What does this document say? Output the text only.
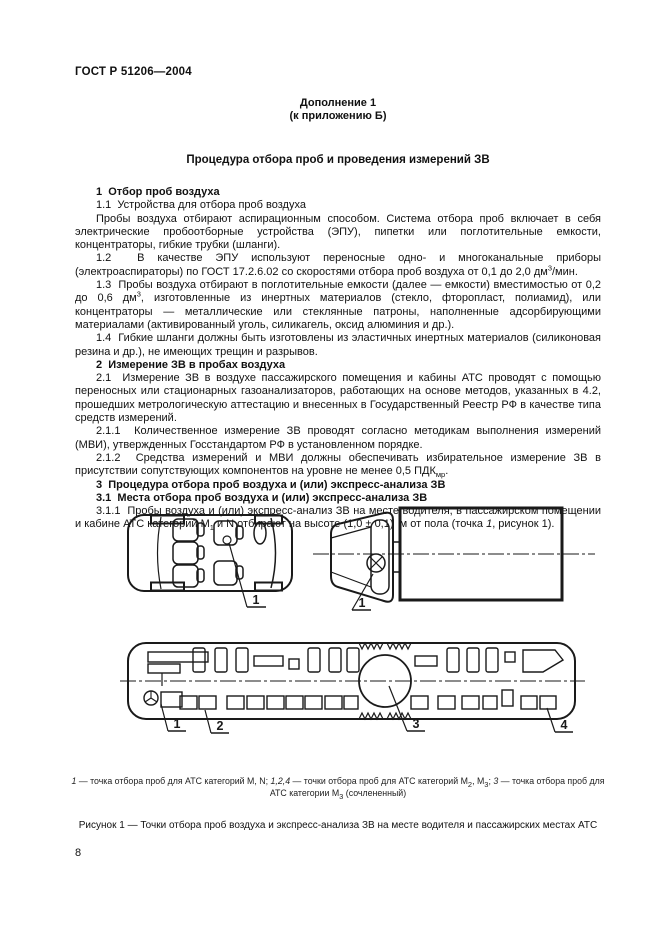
ГОСТ Р 51206—2004
Дополнение 1
(к приложению Б)
Процедура отбора проб и проведения измерений ЗВ
1  Отбор проб воздуха
1.1  Устройства для отбора проб воздуха
Пробы воздуха отбирают аспирационным способом. Система отбора проб включает в себя электрические пробоотборные устройства (ЭПУ), пипетки или поглотительные емкости, концентраторы, гибкие трубки (шланги).
1.2  В качестве ЭПУ используют переносные одно- и многоканальные приборы (электроаспираторы) по ГОСТ 17.2.6.02 со скоростями отбора проб воздуха от 0,1 до 2,0 $дм^3$/мин.
1.3  Пробы воздуха отбирают в поглотительные емкости (далее — емкости) вместимостью от 0,2 до 0,6 $дм^3$, изготовленные из инертных материалов (стекло, фторопласт, полиамид), или концентраторы — металлические или стеклянные патроны, наполненные адсорбирующими материалами (активированный уголь, силикагель, оксид алюминия и др.).
1.4  Гибкие шланги должны быть изготовлены из эластичных инертных материалов (силиконовая резина и др.), не имеющих трещин и разрывов.
2  Измерение ЗВ в пробах воздуха
2.1  Измерение ЗВ в воздухе пассажирского помещения и кабины АТС проводят с помощью переносных или стационарных газоанализаторов, работающих на основе методов, указанных в 4.2, прошедших метрологическую аттестацию и внесенных в Государственный Реестр РФ в качестве типа средств измерений.
2.1.1  Количественное измерение ЗВ проводят согласно методикам выполнения измерений (МВИ), утвержденных Госстандартом РФ в установленном порядке.
2.1.2  Средства измерений и МВИ должны обеспечивать избирательное измерение ЗВ в присутствии сопутствующих компонентов на уровне не менее 0,5 $ПДК_{мр}$.
3  Процедура отбора проб воздуха и (или) экспресс-анализа ЗВ
3.1  Места отбора проб воздуха и (или) экспресс-анализа ЗВ
3.1.1  Пробы воздуха и (или) экспресс-анализ ЗВ на месте водителя, в пассажирском помещении и кабине АТС категорий $М_1$ и N отбирают на высоте (1,0 ± 0,1)  м от пола (точка 1, рисунок 1).
1	1
1	2	3	4
1 — точка отбора проб для АТС категорий М, N; 1,2,4 — точки отбора проб для АТС категорий $М_2$, $М_3$; 3 — точка отбора проб для АТС категории $М_3$ (сочлененный)
Рисунок 1 — Точки отбора проб воздуха и экспресс-анализа ЗВ на месте водителя и пассажирских местах АТС
8
